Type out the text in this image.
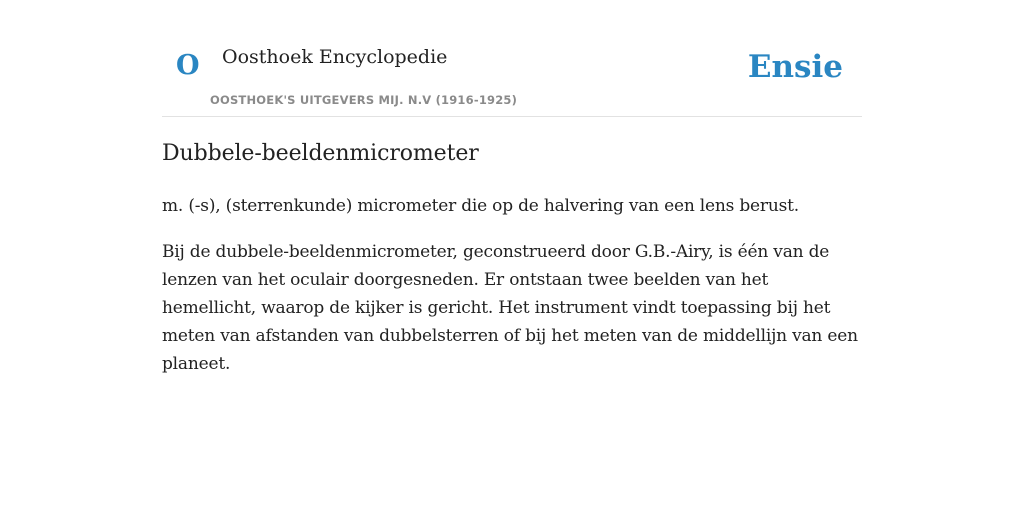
O Oosthoek Encyclopedie
OOSTHOEK'S UITGEVERS MIJ. N.V (1916-1925)
Ensie
Dubbele-beeldenmicrometer

m. (-s), (sterrenkunde) micrometer die op de halvering van een lens berust.

Bij de dubbele-beeldenmicrometer, geconstrueerd door G.B.-Airy, is één van de lenzen van het oculair doorgesneden. Er ontstaan twee beelden van het hemellicht, waarop de kijker is gericht. Het instrument vindt toepassing bij het meten van afstanden van dubbelsterren of bij het meten van de middellijn van een planeet.
